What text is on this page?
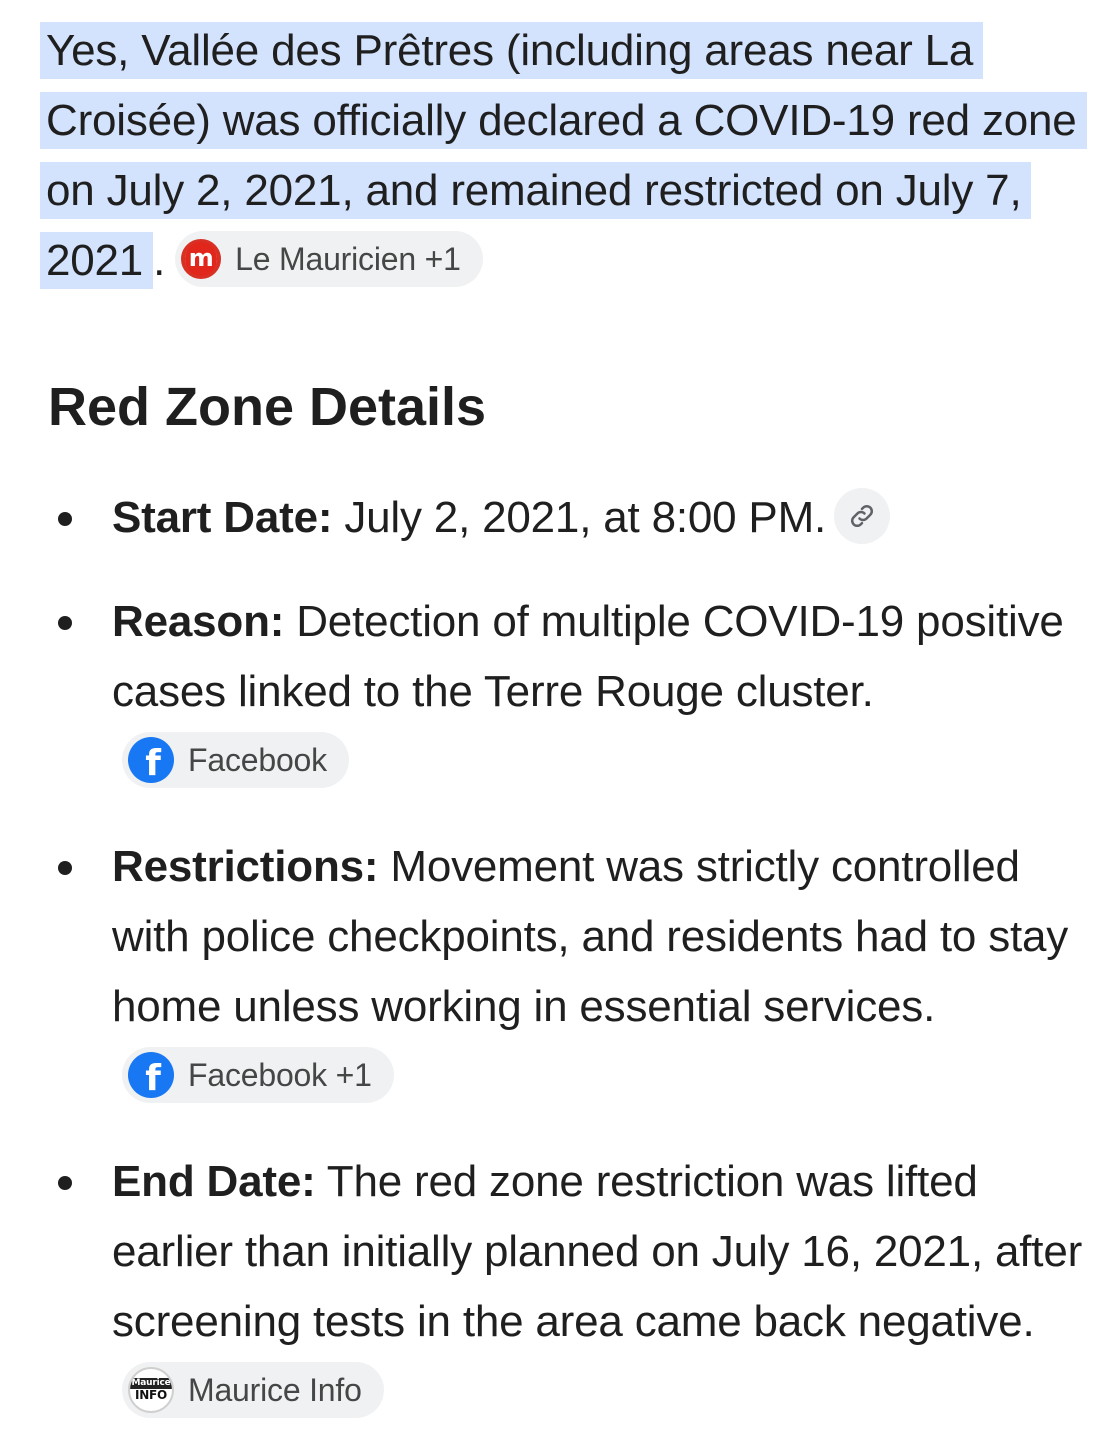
Yes, Vallée des Prêtres (including areas near La Croisée) was officially declared a COVID-19 red zone on July 2, 2021, and remained restricted on July 7, 2021 . m Le Mauricien +1

Red Zone Details
Start Date: July 2, 2021, at 8:00 PM.
Reason: Detection of multiple COVID-19 positive cases linked to the Terre Rouge cluster.
f Facebook
Restrictions: Movement was strictly controlled with police checkpoints, and residents had to stay home unless working in essential services.
f Facebook +1
End Date: The red zone restriction was lifted earlier than initially planned on July 16, 2021, after screening tests in the area came back negative.
Maurice
INFO Maurice Info
